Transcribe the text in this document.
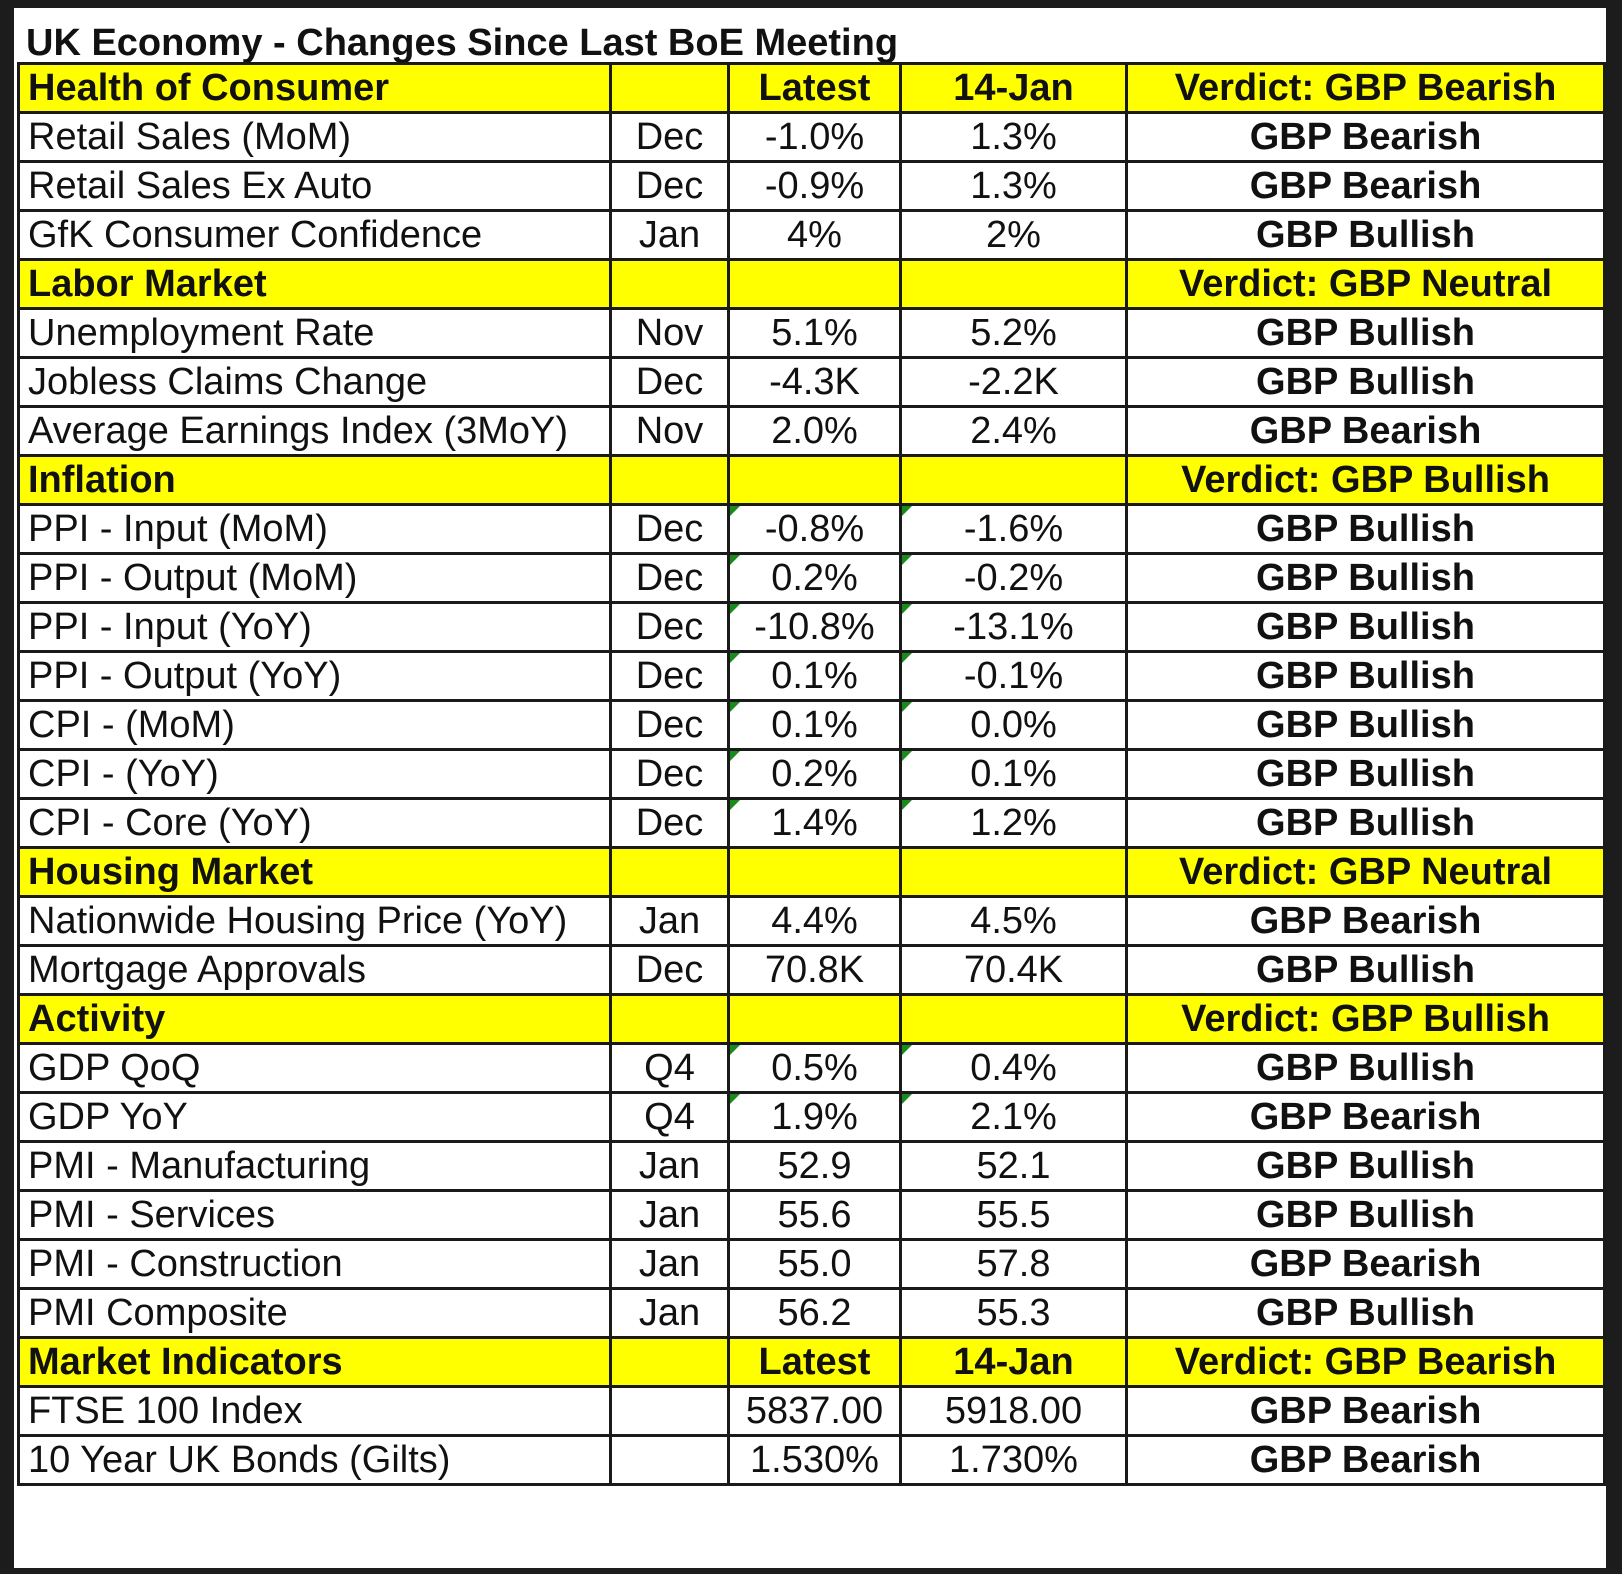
UK Economy - Changes Since Last BoE Meeting
Health of Consumer		Latest	14-Jan	Verdict: GBP Bearish
Retail Sales (MoM)	Dec	-1.0%	1.3%	GBP Bearish
Retail Sales Ex Auto	Dec	-0.9%	1.3%	GBP Bearish
GfK Consumer Confidence	Jan	4%	2%	GBP Bullish
Labor Market				Verdict: GBP Neutral
Unemployment Rate	Nov	5.1%	5.2%	GBP Bullish
Jobless Claims Change	Dec	-4.3K	-2.2K	GBP Bullish
Average Earnings Index (3MoY)	Nov	2.0%	2.4%	GBP Bearish
Inflation				Verdict: GBP Bullish
PPI - Input (MoM)	Dec	-0.8%	-1.6%	GBP Bullish
PPI - Output (MoM)	Dec	0.2%	-0.2%	GBP Bullish
PPI - Input (YoY)	Dec	-10.8%	-13.1%	GBP Bullish
PPI - Output (YoY)	Dec	0.1%	-0.1%	GBP Bullish
CPI - (MoM)	Dec	0.1%	0.0%	GBP Bullish
CPI - (YoY)	Dec	0.2%	0.1%	GBP Bullish
CPI - Core (YoY)	Dec	1.4%	1.2%	GBP Bullish
Housing Market				Verdict: GBP Neutral
Nationwide Housing Price (YoY)	Jan	4.4%	4.5%	GBP Bearish
Mortgage Approvals	Dec	70.8K	70.4K	GBP Bullish
Activity				Verdict: GBP Bullish
GDP QoQ	Q4	0.5%	0.4%	GBP Bullish
GDP YoY	Q4	1.9%	2.1%	GBP Bearish
PMI - Manufacturing	Jan	52.9	52.1	GBP Bullish
PMI - Services	Jan	55.6	55.5	GBP Bullish
PMI - Construction	Jan	55.0	57.8	GBP Bearish
PMI Composite	Jan	56.2	55.3	GBP Bullish
Market Indicators		Latest	14-Jan	Verdict: GBP Bearish
FTSE 100 Index		5837.00	5918.00	GBP Bearish
10 Year UK Bonds (Gilts)		1.530%	1.730%	GBP Bearish
